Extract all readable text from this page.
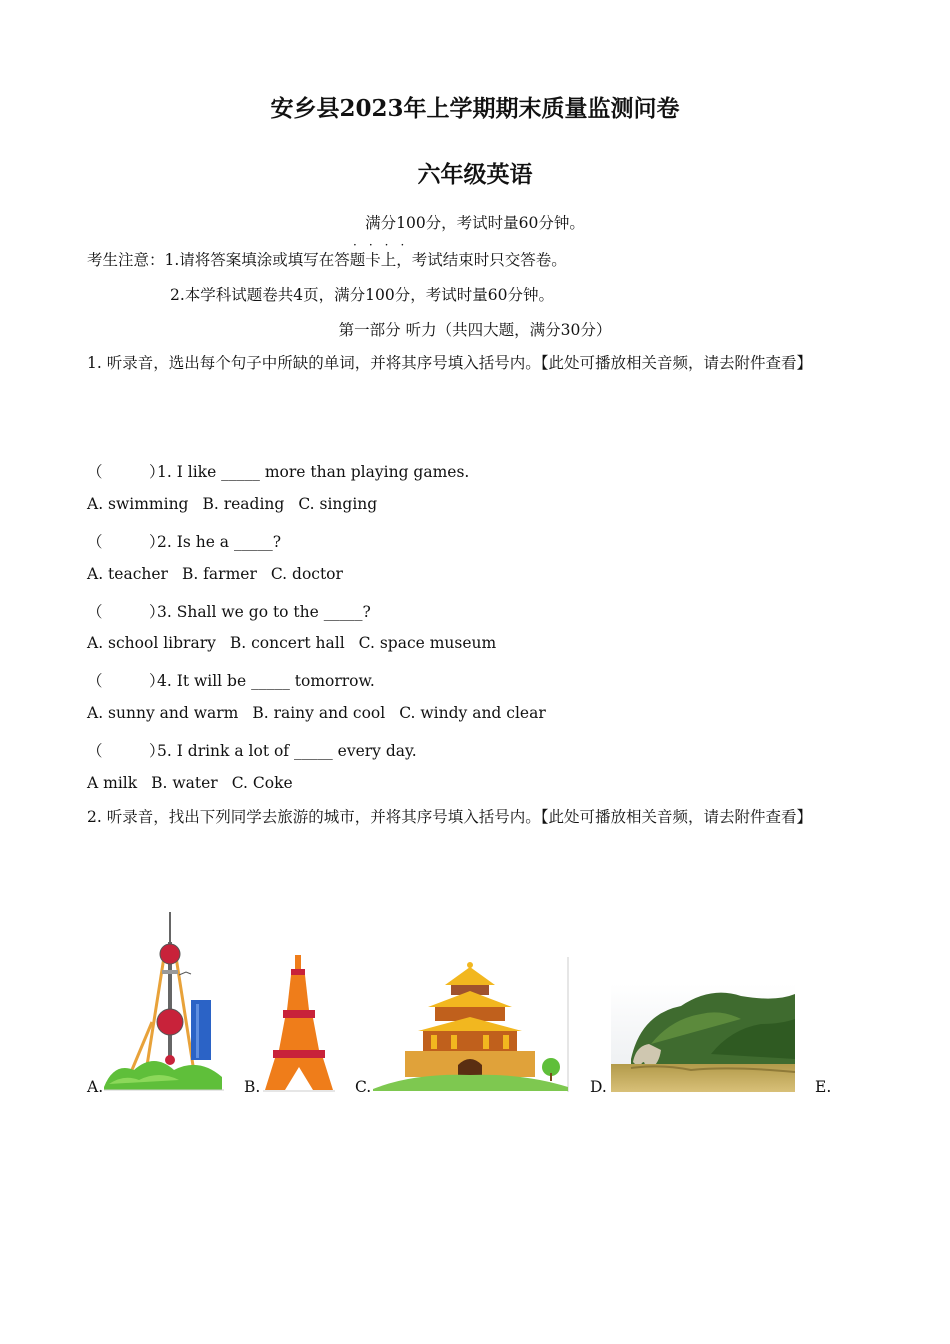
安乡县2023年上学期期末质量监测问卷
六年级英语
满分100分，考试时量60分钟。
····
考生注意：1.请将答案填涂或填写在答题卡上，考试结束时只交答卷。
2.本学科试题卷共4页，满分100分，考试时量60分钟。
第一部分 听力（共四大题，满分30分）
1. 听录音，选出每个句子中所缺的单词，并将其序号填入括号内。【此处可播放相关音频，请去附件查看】
（　　　）1. I like _____ more than playing games.
A. swimming B. reading C. singing
（　　　）2. Is he a _____?
A. teacher B. farmer C. doctor
（　　　）3. Shall we go to the _____?
A. school library B. concert hall C. space museum
（　　　）4. It will be _____ tomorrow.
A. sunny and warm B. rainy and cool C. windy and clear
（　　　）5. I drink a lot of _____ every day.
A milk B. water C. Coke
2. 听录音，找出下列同学去旅游的城市，并将其序号填入括号内。【此处可播放相关音频，请去附件查看】
A.	B.	C.	D.	E.
